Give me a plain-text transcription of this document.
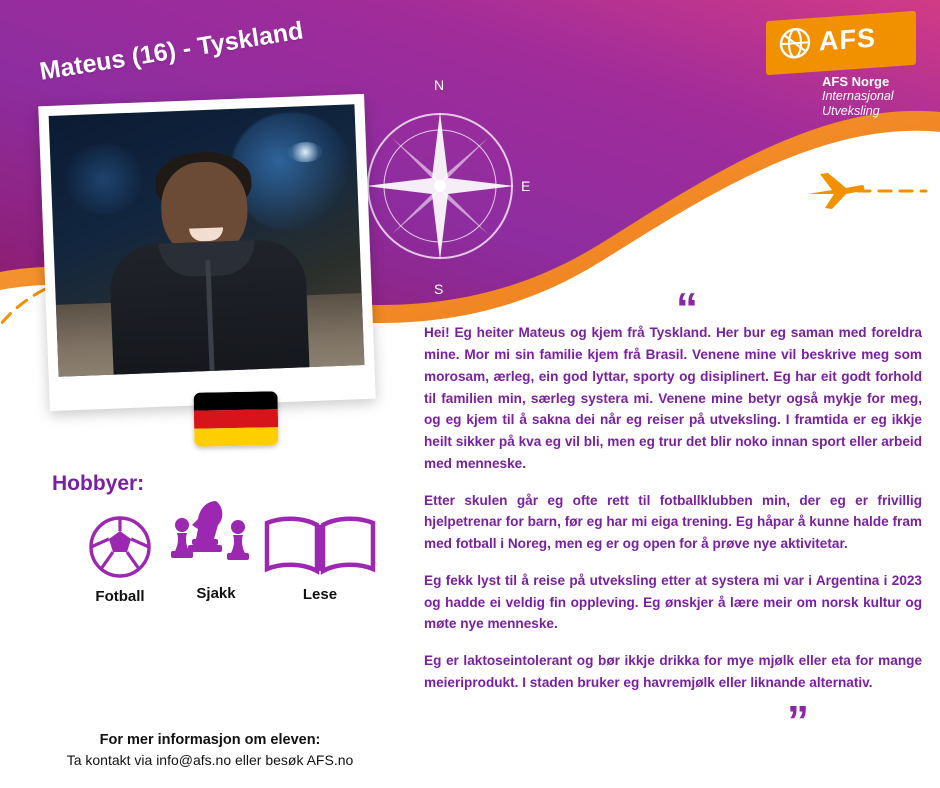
N
E
S
AFS
AFS Norge
Internasjonal
Utveksling
Mateus (16) - Tyskland
Hobbyer:
Fotball	Sjakk	Lese
For mer informasjon om eleven:
Ta kontakt via info@afs.no eller besøk AFS.no
“

Hei! Eg heiter Mateus og kjem frå Tyskland. Her bur eg saman med foreldra mine. Mor mi sin familie kjem frå Brasil. Venene mine vil beskrive meg som morosam, ærleg, ein god lyttar, sporty og disiplinert. Eg har eit godt forhold til familien min, særleg systera mi. Venene mine betyr også mykje for meg, og eg kjem til å sakna dei når eg reiser på utveksling. I framtida er eg ikkje heilt sikker på kva eg vil bli, men eg trur det blir noko innan sport eller arbeid med menneske.

Etter skulen går eg ofte rett til fotballklubben min, der eg er frivillig hjelpetrenar for barn, før eg har mi eiga trening. Eg håpar å kunne halde fram med fotball i Noreg, men eg er og open for å prøve nye aktivitetar.

Eg fekk lyst til å reise på utveksling etter at systera mi var i Argentina i 2023 og hadde ei veldig fin oppleving. Eg ønskjer å lære meir om norsk kultur og møte nye menneske.

Eg er laktoseintolerant og bør ikkje drikka for mye mjølk eller eta for mange meieriprodukt. I staden bruker eg havremjølk eller liknande alternativ.

”
